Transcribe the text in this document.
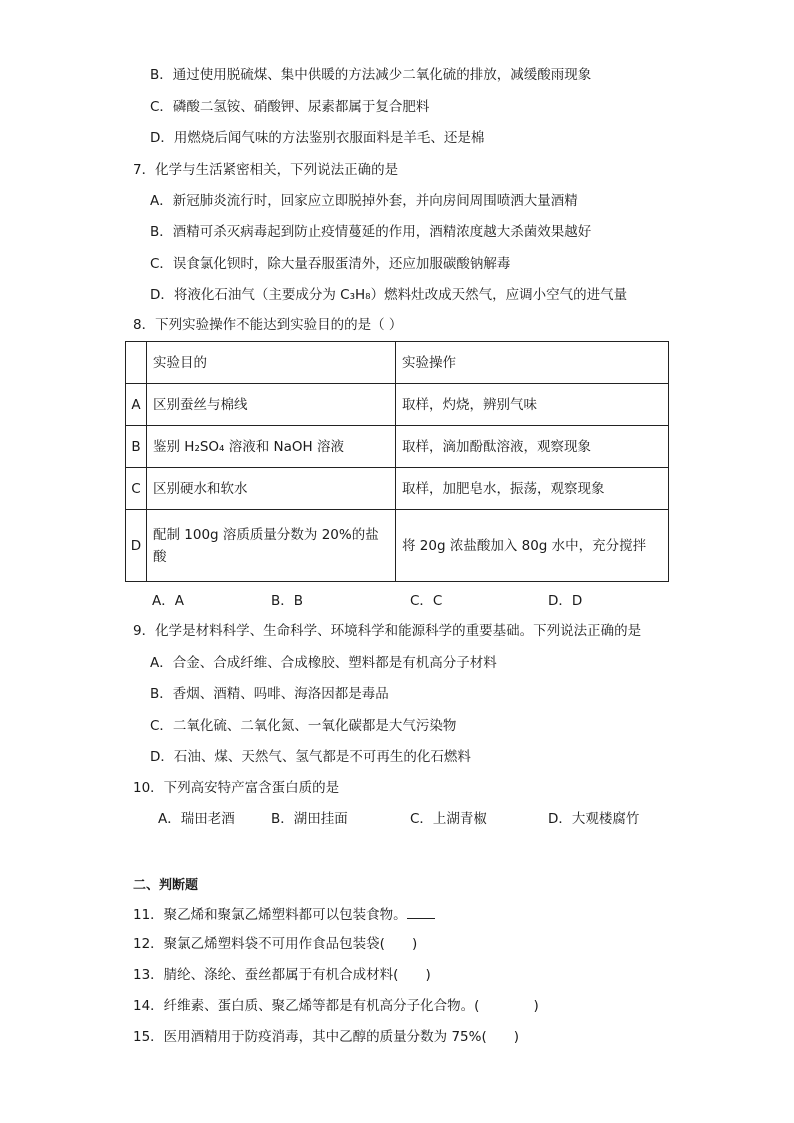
B．通过使用脱硫煤、集中供暖的方法减少二氧化硫的排放，减缓酸雨现象
C．磷酸二氢铵、硝酸钾、尿素都属于复合肥料
D．用燃烧后闻气味的方法鉴别衣服面料是羊毛、还是棉
7．化学与生活紧密相关，下列说法正确的是
A．新冠肺炎流行时，回家应立即脱掉外套，并向房间周围喷洒大量酒精
B．酒精可杀灭病毒起到防止疫情蔓延的作用，酒精浓度越大杀菌效果越好
C．误食氯化钡时，除大量吞服蛋清外，还应加服碳酸钠解毒
D．将液化石油气（主要成分为 C₃H₈）燃料灶改成天然气，应调小空气的进气量
8．下列实验操作不能达到实验目的的是（ ）
	实验目的	实验操作
A	区别蚕丝与棉线	取样，灼烧，辨别气味
B	鉴别 H₂SO₄ 溶液和 NaOH 溶液	取样，滴加酚酞溶液，观察现象
C	区别硬水和软水	取样，加肥皂水，振荡，观察现象
D	配制 100g 溶质质量分数为 20%的盐酸	将 20g 浓盐酸加入 80g 水中，充分搅拌
A．A	B．B	C．C	D．D
9．化学是材料科学、生命科学、环境科学和能源科学的重要基础。下列说法正确的是
A．合金、合成纤维、合成橡胶、塑料都是有机高分子材料
B．香烟、酒精、吗啡、海洛因都是毒品
C．二氧化硫、二氧化氮、一氧化碳都是大气污染物
D．石油、煤、天然气、氢气都是不可再生的化石燃料
10．下列高安特产富含蛋白质的是
A．瑞田老酒	B．湖田挂面	C．上湖青椒	D．大观楼腐竹
二、判断题
11．聚乙烯和聚氯乙烯塑料都可以包装食物。
12．聚氯乙烯塑料袋不可用作食品包装袋(　　)
13．腈纶、涤纶、蚕丝都属于有机合成材料(　　)
14．纤维素、蛋白质、聚乙烯等都是有机高分子化合物。(　　　　)
15．医用酒精用于防疫消毒，其中乙醇的质量分数为 75%(　　)
